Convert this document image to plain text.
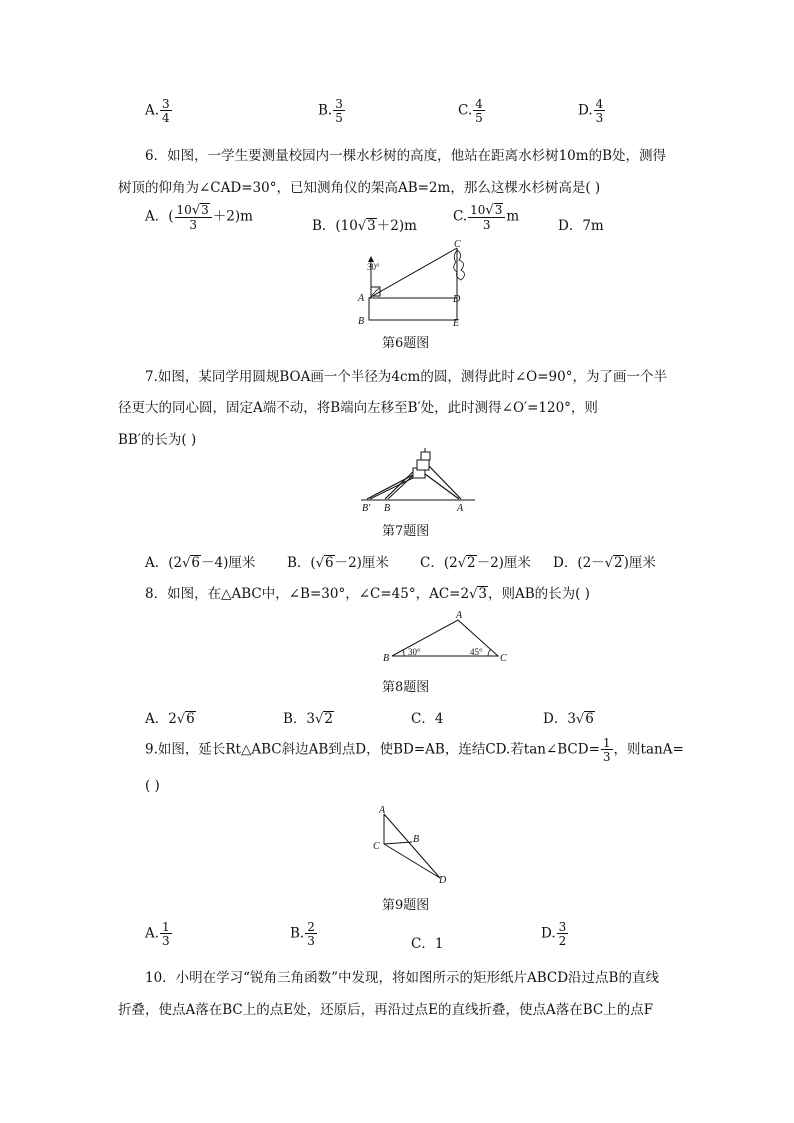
A. $\frac{3}{4}$	B. $\frac{3}{5}$	C. $\frac{4}{5}$	D. $\frac{4}{3}$
6．如图，一学生要测量校园内一棵水杉树的高度，他站在距离水杉树10m的B处，测得
树顶的仰角为∠CAD=30°，已知测角仪的架高AB=2m，那么这棵水杉树高是( )
A．( $\frac{10√3}{3} +2)m$
B．(10√3＋2)m
C. $\frac{10√3}{3}$ m
D．7m
30°
A
B
C
D
E
第6题图
7.如图，某同学用圆规BOA画一个半径为4cm的圆，测得此时∠O=90°，为了画一个半
径更大的同心圆，固定A端不动，将B端向左移至B′处，此时测得∠O′=120°，则
BB′的长为( )
B′ B	A
第7题图
A．(2√6－4)厘米 B．(√6－2)厘米 C．(2√2－2)厘米 D．(2－√2)厘米
8．如图，在△ABC中，∠B=30°，∠C=45°，AC=2√3，则AB的长为( )
A
B	C
30°	45°
第8题图
A．2√6	B．3√2	C．4	D．3√6
9.如图，延长Rt△ABC斜边AB到点D，使BD=AB，连结CD.若tan∠BCD= $\frac{1}{3}$ ，则tanA=
( )
A
B
C
D
第9题图
A. $\frac{1}{3}$	B. $\frac{2}{3}$	C．1
D. $\frac{3}{2}$
10．小明在学习“锐角三角函数”中发现，将如图所示的矩形纸片ABCD沿过点B的直线
折叠，使点A落在BC上的点E处，还原后，再沿过点E的直线折叠，使点A落在BC上的点F
